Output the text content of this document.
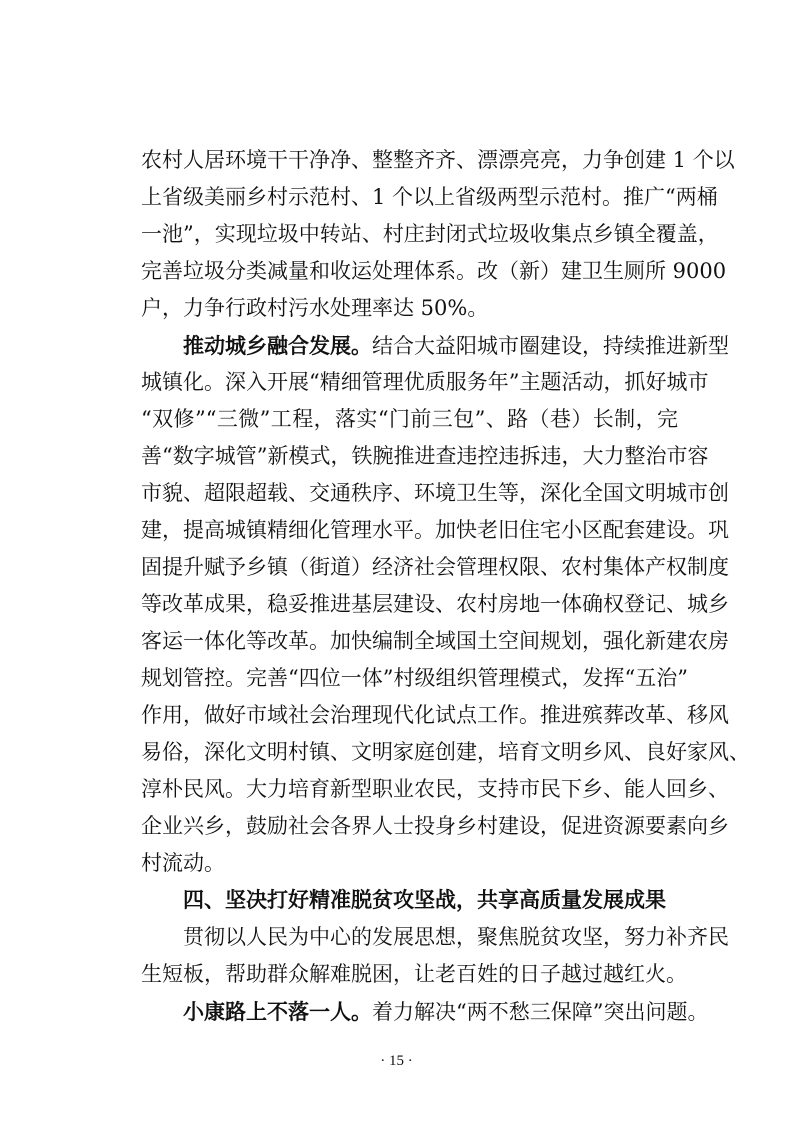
农村人居环境干干净净、整整齐齐、漂漂亮亮，力争创建 1 个以
上省级美丽乡村示范村、1 个以上省级两型示范村。推广“两桶
一池”，实现垃圾中转站、村庄封闭式垃圾收集点乡镇全覆盖，
完善垃圾分类减量和收运处理体系。改（新）建卫生厕所 9000
户，力争行政村污水处理率达 50%。
推动城乡融合发展。结合大益阳城市圈建设，持续推进新型
城镇化。深入开展“精细管理优质服务年”主题活动，抓好城市
“双修”“三微”工程，落实“门前三包”、路（巷）长制，完
善“数字城管”新模式，铁腕推进查违控违拆违，大力整治市容
市貌、超限超载、交通秩序、环境卫生等，深化全国文明城市创
建，提高城镇精细化管理水平。加快老旧住宅小区配套建设。巩
固提升赋予乡镇（街道）经济社会管理权限、农村集体产权制度
等改革成果，稳妥推进基层建设、农村房地一体确权登记、城乡
客运一体化等改革。加快编制全域国土空间规划，强化新建农房
规划管控。完善“四位一体”村级组织管理模式，发挥“五治”
作用，做好市域社会治理现代化试点工作。推进殡葬改革、移风
易俗，深化文明村镇、文明家庭创建，培育文明乡风、良好家风、
淳朴民风。大力培育新型职业农民，支持市民下乡、能人回乡、
企业兴乡，鼓励社会各界人士投身乡村建设，促进资源要素向乡
村流动。
四、坚决打好精准脱贫攻坚战，共享高质量发展成果
贯彻以人民为中心的发展思想，聚焦脱贫攻坚，努力补齐民
生短板，帮助群众解难脱困，让老百姓的日子越过越红火。
小康路上不落一人。着力解决“两不愁三保障”突出问题。
· 15 ·
